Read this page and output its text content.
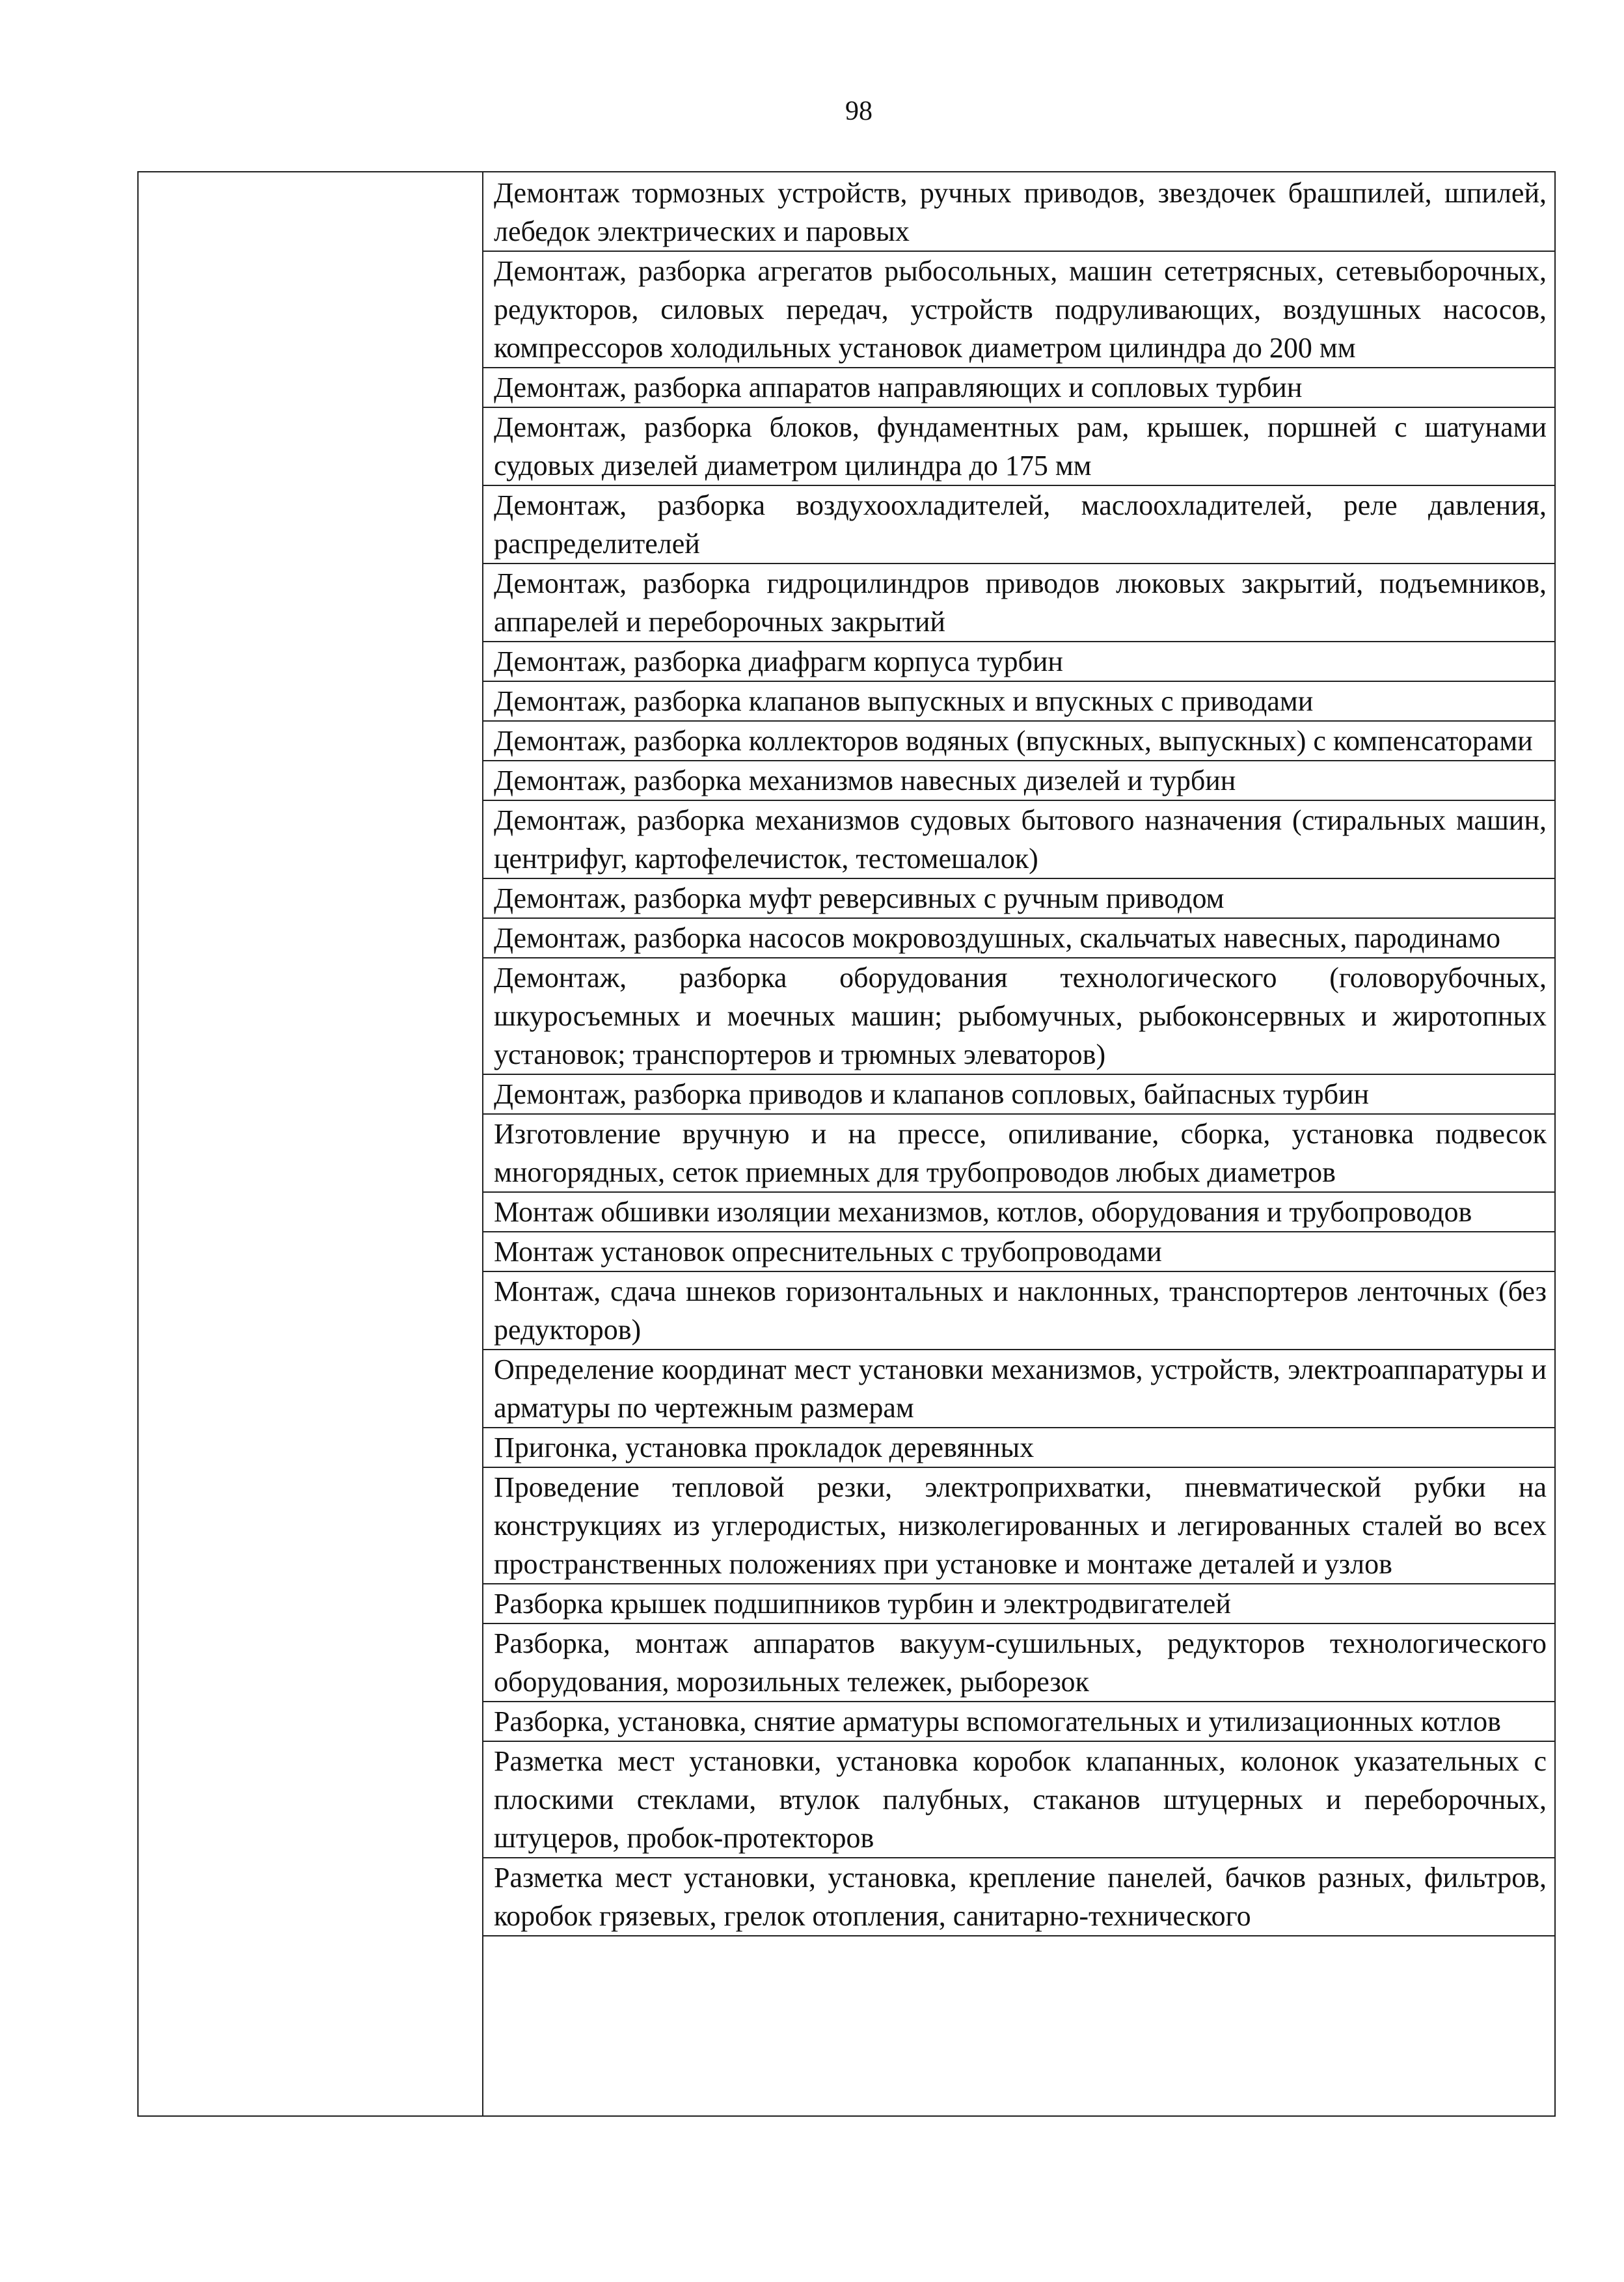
98
Демонтаж тормозных устройств, ручных приводов, звездочек брашпилей, шпилей, лебедок электрических и паровых
Демонтаж, разборка агрегатов рыбосольных, машин сететрясных, сетевыборочных, редукторов, силовых передач, устройств подруливающих, воздушных насосов, компрессоров холодильных установок диаметром цилиндра до 200 мм
Демонтаж, разборка аппаратов направляющих и сопловых турбин
Демонтаж, разборка блоков, фундаментных рам, крышек, поршней с шатунами судовых дизелей диаметром цилиндра до 175 мм
Демонтаж, разборка воздухоохладителей, маслоохладителей, реле давления, распределителей
Демонтаж, разборка гидроцилиндров приводов люковых закрытий, подъемников, аппарелей и переборочных закрытий
Демонтаж, разборка диафрагм корпуса турбин
Демонтаж, разборка клапанов выпускных и впускных с приводами
Демонтаж, разборка коллекторов водяных (впускных, выпускных) с компенсаторами
Демонтаж, разборка механизмов навесных дизелей и турбин
Демонтаж, разборка механизмов судовых бытового назначения (стиральных машин, центрифуг, картофелечисток, тестомешалок)
Демонтаж, разборка муфт реверсивных с ручным приводом
Демонтаж, разборка насосов мокровоздушных, скальчатых навесных, пародинамо
Демонтаж, разборка оборудования технологического (головорубочных, шкуросъемных и моечных машин; рыбомучных, рыбоконсервных и жиротопных установок; транспортеров и трюмных элеваторов)
Демонтаж, разборка приводов и клапанов сопловых, байпасных турбин
Изготовление вручную и на прессе, опиливание, сборка, установка подвесок многорядных, сеток приемных для трубопроводов любых диаметров
Монтаж обшивки изоляции механизмов, котлов, оборудования и трубопроводов
Монтаж установок опреснительных с трубопроводами
Монтаж, сдача шнеков горизонтальных и наклонных, транспортеров ленточных (без редукторов)
Определение координат мест установки механизмов, устройств, электроаппаратуры и арматуры по чертежным размерам
Пригонка, установка прокладок деревянных
Проведение тепловой резки, электроприхватки, пневматической рубки на конструкциях из углеродистых, низколегированных и легированных сталей во всех пространственных положениях при установке и монтаже деталей и узлов
Разборка крышек подшипников турбин и электродвигателей
Разборка, монтаж аппаратов вакуум-сушильных, редукторов технологического оборудования, морозильных тележек, рыборезок
Разборка, установка, снятие арматуры вспомогательных и утилизационных котлов
Разметка мест установки, установка коробок клапанных, колонок указательных с плоскими стеклами, втулок палубных, стаканов штуцерных и переборочных, штуцеров, пробок-протекторов
Разметка мест установки, установка, крепление панелей, бачков разных, фильтров, коробок грязевых, грелок отопления, санитарно-технического
